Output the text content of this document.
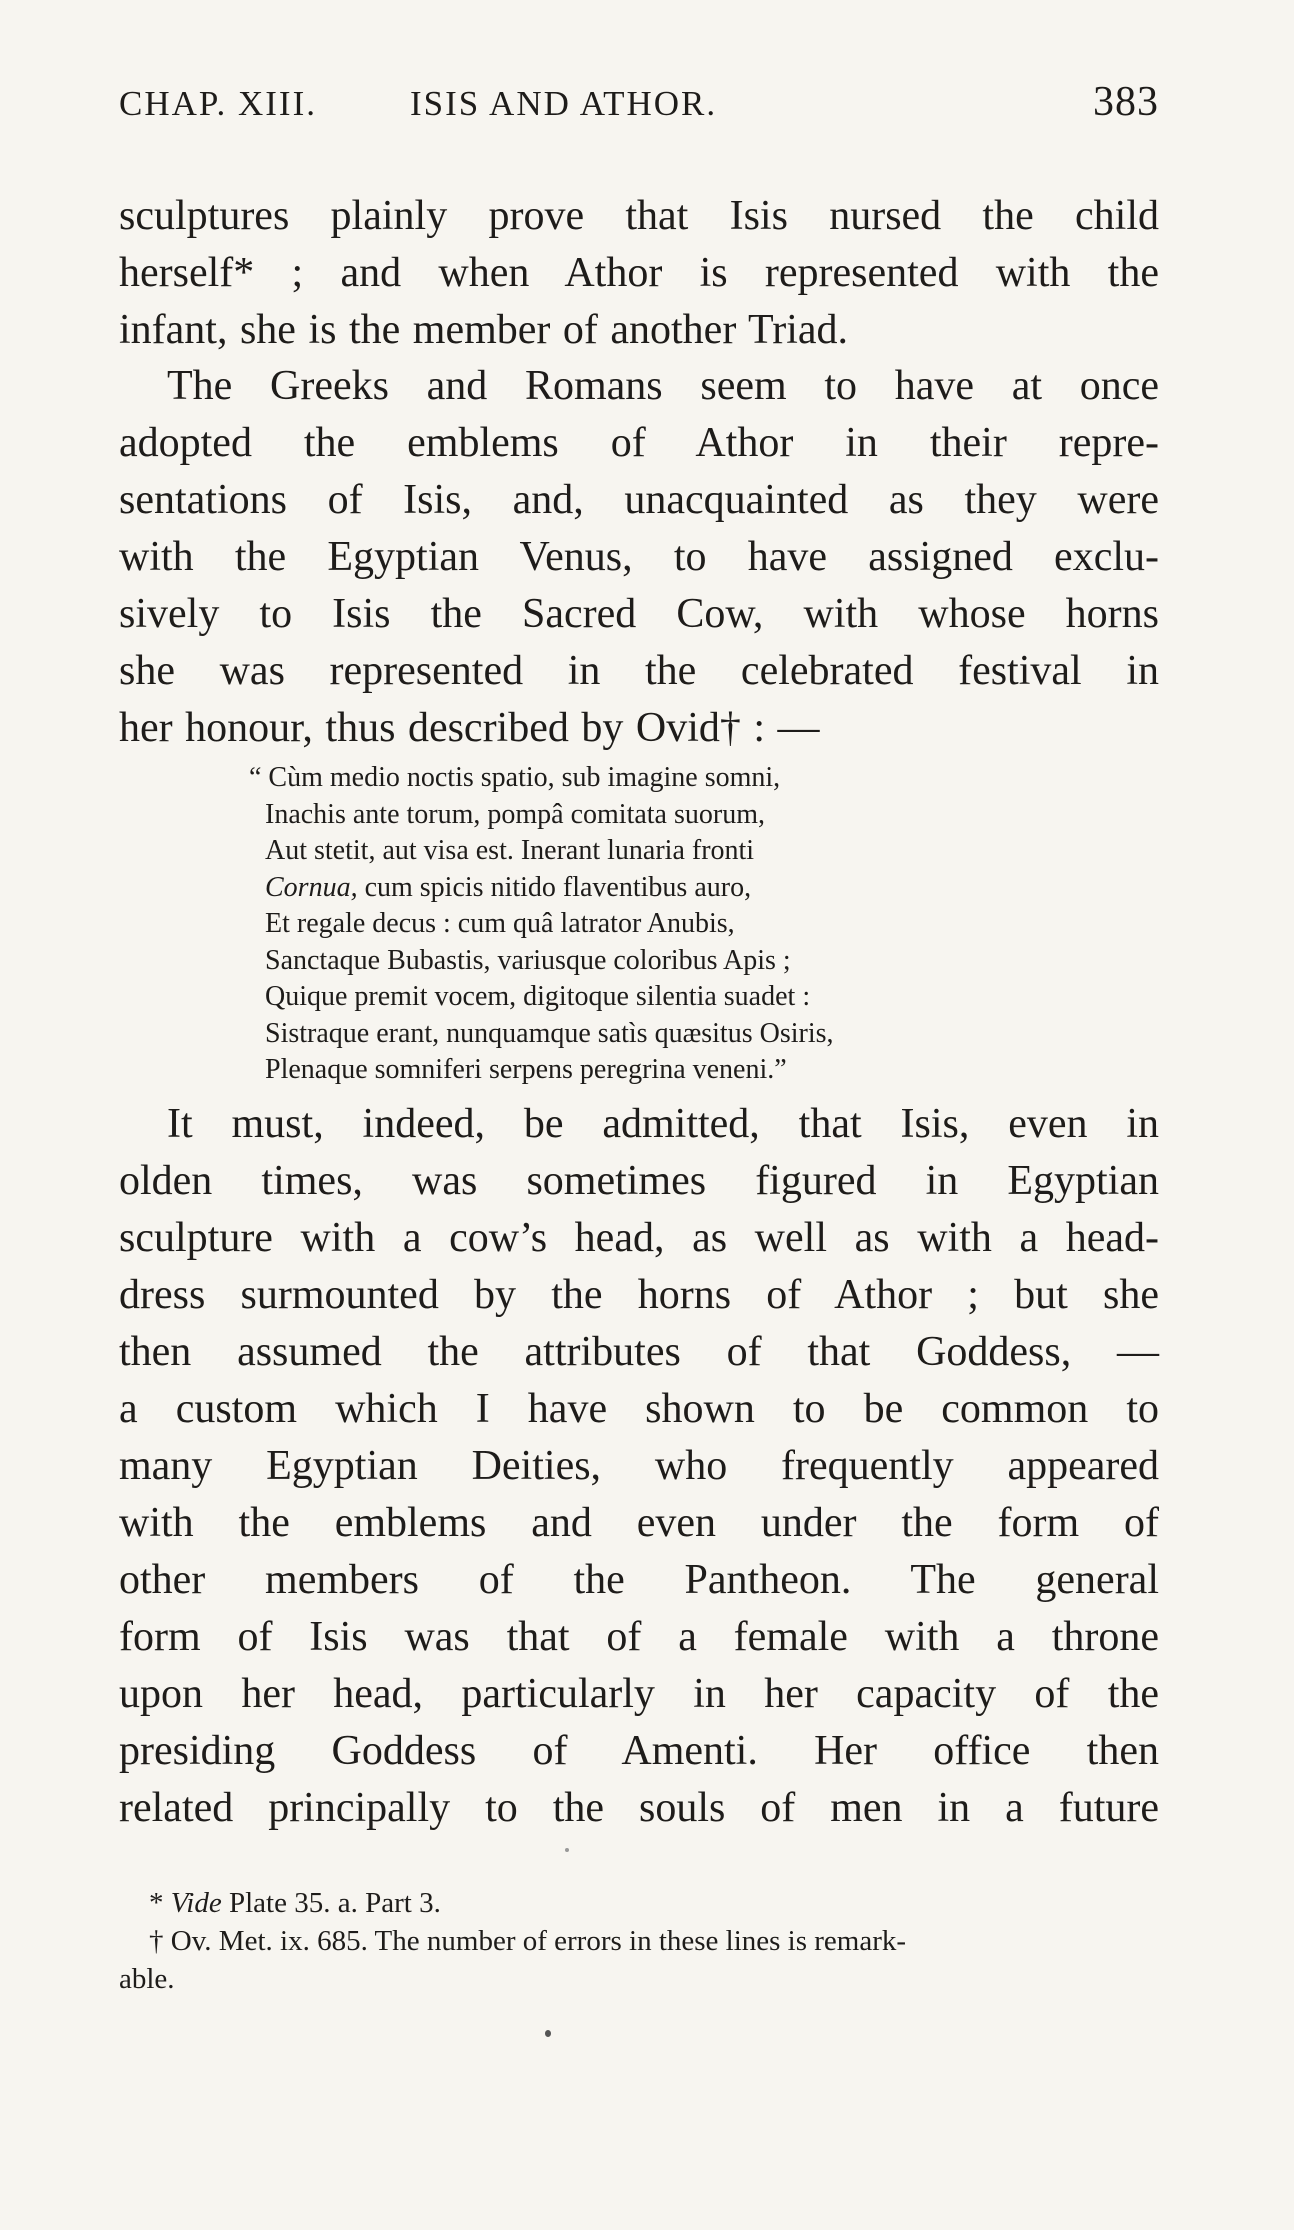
CHAP. XIII.	ISIS AND ATHOR.	383
sculptures plainly prove that Isis nursed the child
herself* ; and when Athor is represented with the
infant, she is the member of another Triad.
The Greeks and Romans seem to have at once
adopted the emblems of Athor in their repre-
sentations of Isis, and, unacquainted as they were
with the Egyptian Venus, to have assigned exclu-
sively to Isis the Sacred Cow, with whose horns
she was represented in the celebrated festival in
her honour, thus described by Ovid† : —
“ Cùm medio noctis spatio, sub imagine somni,
Inachis ante torum, pompâ comitata suorum,
Aut stetit, aut visa est. Inerant lunaria fronti
Cornua, cum spicis nitido flaventibus auro,
Et regale decus : cum quâ latrator Anubis,
Sanctaque Bubastis, variusque coloribus Apis ;
Quique premit vocem, digitoque silentia suadet :
Sistraque erant, nunquamque satìs quæsitus Osiris,
Plenaque somniferi serpens peregrina veneni.”
It must, indeed, be admitted, that Isis, even in
olden times, was sometimes figured in Egyptian
sculpture with a cow’s head, as well as with a head-
dress surmounted by the horns of Athor ; but she
then assumed the attributes of that Goddess, —
a custom which I have shown to be common to
many Egyptian Deities, who frequently appeared
with the emblems and even under the form of
other members of the Pantheon. The general
form of Isis was that of a female with a throne
upon her head, particularly in her capacity of the
presiding Goddess of Amenti. Her office then
related principally to the souls of men in a future
* Vide Plate 35. a. Part 3.
† Ov. Met. ix. 685. The number of errors in these lines is remark-
able.
